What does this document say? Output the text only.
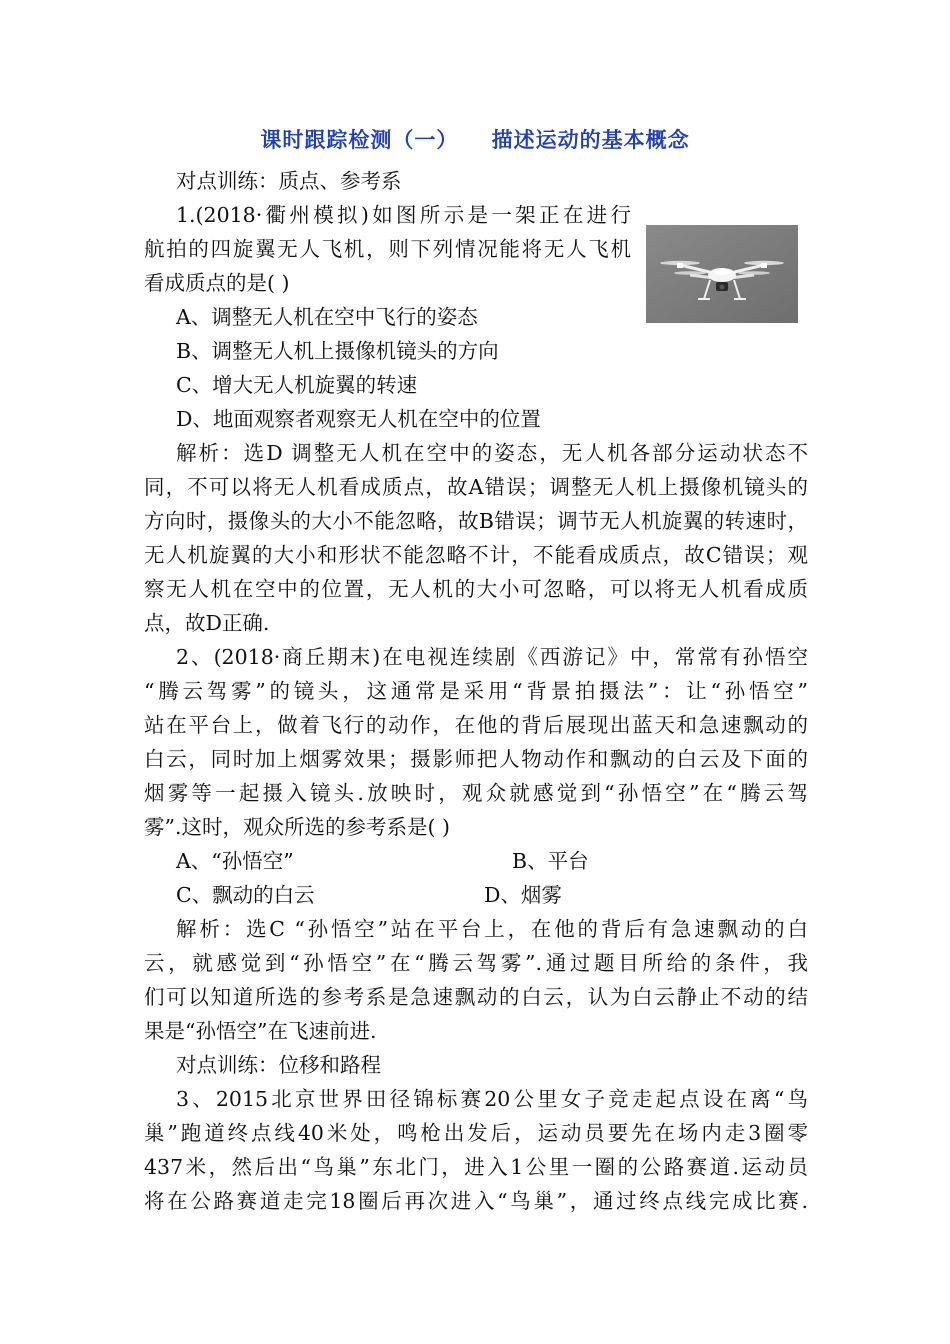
课时跟踪检测（一）    描述运动的基本概念
对点训练：质点、参考系
1.(2018·衢州模拟)如图所示是一架正在进行
航拍的四旋翼无人飞机，则下列情况能将无人飞机
看成质点的是( )
A、调整无人机在空中飞行的姿态
B、调整无人机上摄像机镜头的方向
C、增大无人机旋翼的转速
D、地面观察者观察无人机在空中的位置
解析：选D 调整无人机在空中的姿态，无人机各部分运动状态不
同，不可以将无人机看成质点，故A错误；调整无人机上摄像机镜头的
方向时，摄像头的大小不能忽略，故B错误；调节无人机旋翼的转速时，
无人机旋翼的大小和形状不能忽略不计，不能看成质点，故C错误；观
察无人机在空中的位置，无人机的大小可忽略，可以将无人机看成质
点，故D正确.
2、(2018·商丘期末)在电视连续剧《西游记》中，常常有孙悟空
“腾云驾雾”的镜头，这通常是采用“背景拍摄法”：让“孙悟空”
站在平台上，做着飞行的动作，在他的背后展现出蓝天和急速飘动的
白云，同时加上烟雾效果；摄影师把人物动作和飘动的白云及下面的
烟雾等一起摄入镜头.放映时，观众就感觉到“孙悟空”在“腾云驾
雾”.这时，观众所选的参考系是( )
A、“孙悟空”	B、平台
C、飘动的白云	D、烟雾
解析：选C “孙悟空”站在平台上，在他的背后有急速飘动的白
云，就感觉到“孙悟空”在“腾云驾雾”.通过题目所给的条件，我
们可以知道所选的参考系是急速飘动的白云，认为白云静止不动的结
果是“孙悟空”在飞速前进.
对点训练：位移和路程
3、2015北京世界田径锦标赛20公里女子竞走起点设在离“鸟
巢”跑道终点线40米处，鸣枪出发后，运动员要先在场内走3圈零
437米，然后出“鸟巢”东北门，进入1公里一圈的公路赛道.运动员
将在公路赛道走完18圈后再次进入“鸟巢”，通过终点线完成比赛.
